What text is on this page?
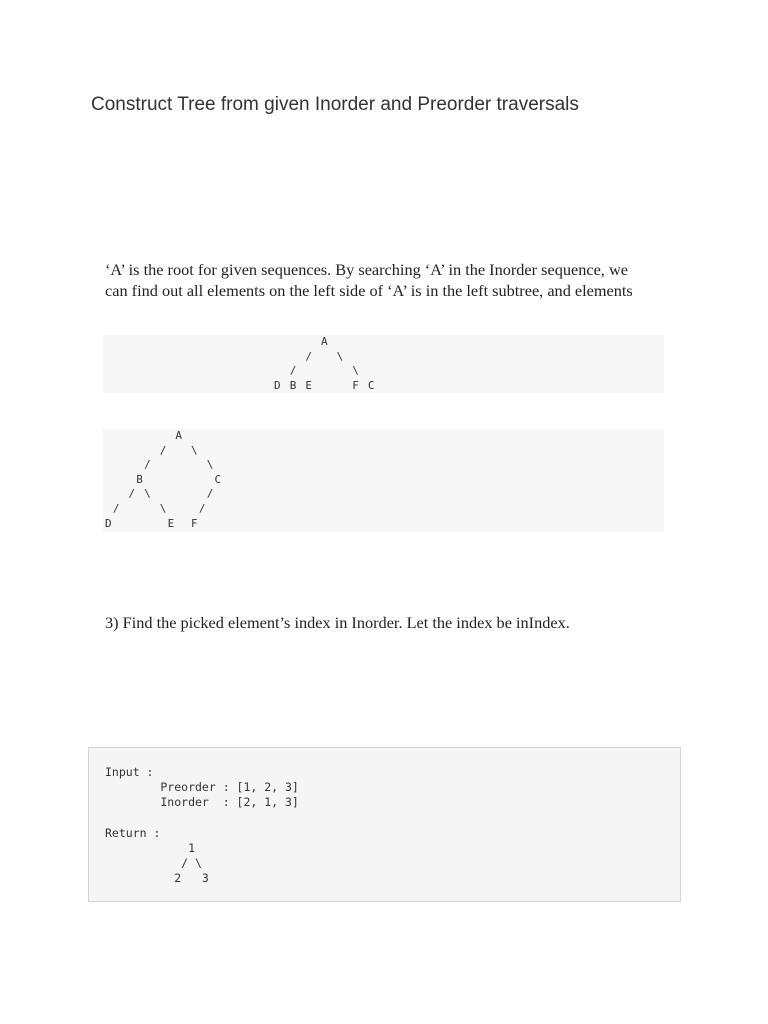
Construct Tree from given Inorder and Preorder traversals

‘A’ is the root for given sequences. By searching ‘A’ in the Inorder sequence, we
can find out all elements on the left side of ‘A’ is in the left subtree, and elements

A
/   \
/       \
D B E     F C
A
/   \
/       \
B         C
/ \       /
/     \    /
D       E  F

3) Find the picked element’s index in Inorder. Let the index be inIndex.

Input :
Preorder : [1, 2, 3]
Inorder  : [2, 1, 3]

Return :
1
/ \
2   3
